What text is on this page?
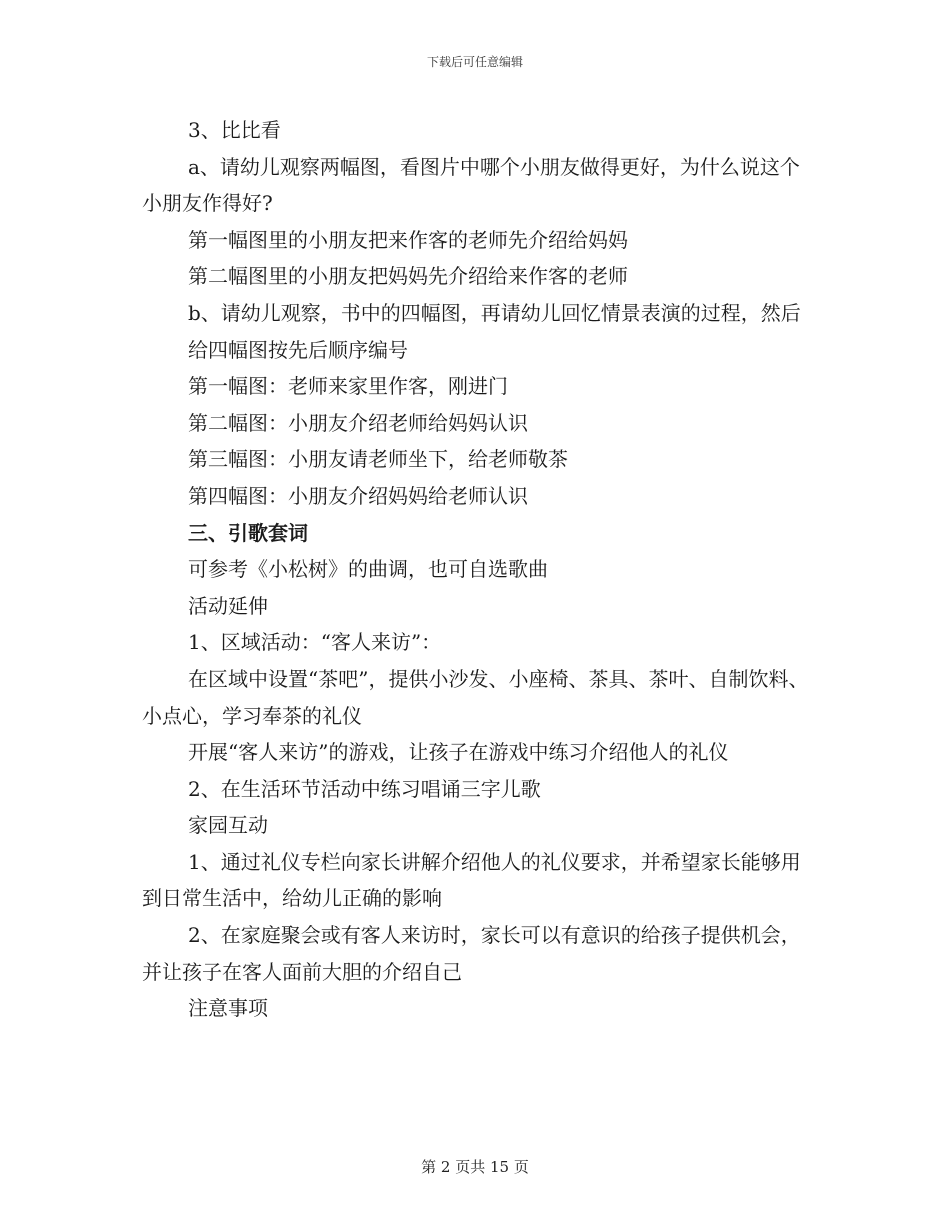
下载后可任意编辑

3、比比看

a、请幼儿观察两幅图，看图片中哪个小朋友做得更好，为什么说这个小朋友作得好?

第一幅图里的小朋友把来作客的老师先介绍给妈妈

第二幅图里的小朋友把妈妈先介绍给来作客的老师

b、请幼儿观察，书中的四幅图，再请幼儿回忆情景表演的过程，然后

给四幅图按先后顺序编号

第一幅图：老师来家里作客，刚进门

第二幅图：小朋友介绍老师给妈妈认识

第三幅图：小朋友请老师坐下，给老师敬茶

第四幅图：小朋友介绍妈妈给老师认识

三、引歌套词

可参考《小松树》的曲调，也可自选歌曲

活动延伸

1、区域活动：“客人来访”：

在区域中设置“茶吧”，提供小沙发、小座椅、茶具、茶叶、自制饮料、小点心，学习奉茶的礼仪

开展“客人来访”的游戏，让孩子在游戏中练习介绍他人的礼仪

2、在生活环节活动中练习唱诵三字儿歌

家园互动

1、通过礼仪专栏向家长讲解介绍他人的礼仪要求，并希望家长能够用到日常生活中，给幼儿正确的影响

2、在家庭聚会或有客人来访时，家长可以有意识的给孩子提供机会，并让孩子在客人面前大胆的介绍自己

注意事项

第 2 页共 15 页
